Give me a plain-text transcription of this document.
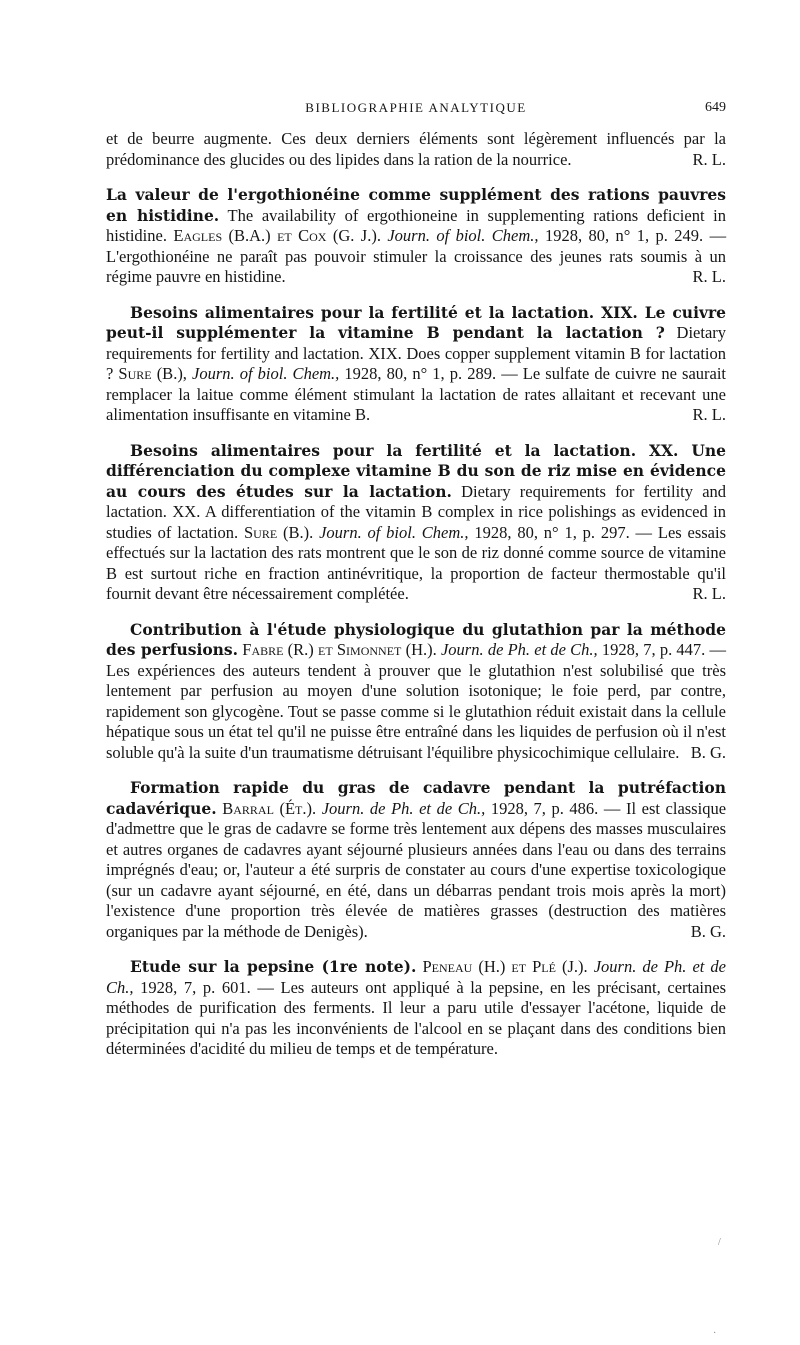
BIBLIOGRAPHIE ANALYTIQUE	649
et de beurre augmente. Ces deux derniers éléments sont légèrement influencés par la prédominance des glucides ou des lipides dans la ration de la nourrice.	R. L.
La valeur de l'ergothionéine comme supplément des rations pauvres en histidine. The availability of ergothioneine in supplementing rations deficient in histidine. Eagles (B.A.) et Cox (G. J.). Journ. of biol. Chem., 1928, 80, n° 1, p. 249. — L'ergothionéine ne paraît pas pouvoir stimuler la croissance des jeunes rats soumis à un régime pauvre en histidine.	R. L.
Besoins alimentaires pour la fertilité et la lactation. XIX. Le cuivre peut-il supplémenter la vitamine B pendant la lactation ? Dietary requirements for fertility and lactation. XIX. Does copper supplement vitamin B for lactation ? Sure (B.), Journ. of biol. Chem., 1928, 80, n° 1, p. 289. — Le sulfate de cuivre ne saurait remplacer la laitue comme élément stimulant la lactation de rates allaitant et recevant une alimentation insuffisante en vitamine B.	R. L.
Besoins alimentaires pour la fertilité et la lactation. XX. Une différenciation du complexe vitamine B du son de riz mise en évidence au cours des études sur la lactation. Dietary requirements for fertility and lactation. XX. A differentiation of the vitamin B complex in rice polishings as evidenced in studies of lactation. Sure (B.). Journ. of biol. Chem., 1928, 80, n° 1, p. 297. — Les essais effectués sur la lactation des rats montrent que le son de riz donné comme source de vitamine B est surtout riche en fraction antinévritique, la proportion de facteur thermostable qu'il fournit devant être nécessairement complétée.	R. L.
Contribution à l'étude physiologique du glutathion par la méthode des perfusions. Fabre (R.) et Simonnet (H.). Journ. de Ph. et de Ch., 1928, 7, p. 447. — Les expériences des auteurs tendent à prouver que le glutathion n'est solubilisé que très lentement par perfusion au moyen d'une solution isotonique; le foie perd, par contre, rapidement son glycogène. Tout se passe comme si le glutathion réduit existait dans la cellule hépatique sous un état tel qu'il ne puisse être entraîné dans les liquides de perfusion où il n'est soluble qu'à la suite d'un traumatisme détruisant l'équilibre physicochimique cellulaire. B. G.
Formation rapide du gras de cadavre pendant la putréfaction cadavérique. Barral (Ét.). Journ. de Ph. et de Ch., 1928, 7, p. 486. — Il est classique d'admettre que le gras de cadavre se forme très lentement aux dépens des masses musculaires et autres organes de cadavres ayant séjourné plusieurs années dans l'eau ou dans des terrains imprégnés d'eau; or, l'auteur a été surpris de constater au cours d'une expertise toxicologique (sur un cadavre ayant séjourné, en été, dans un débarras pendant trois mois après la mort) l'existence d'une proportion très élevée de matières grasses (destruction des matières organiques par la méthode de Denigès).	B. G.
Etude sur la pepsine (1re note). Peneau (H.) et Plé (J.). Journ. de Ph. et de Ch., 1928, 7, p. 601. — Les auteurs ont appliqué à la pepsine, en les précisant, certaines méthodes de purification des ferments. Il leur a paru utile d'essayer l'acétone, liquide de précipitation qui n'a pas les inconvénients de l'alcool en se plaçant dans des conditions bien déterminées d'acidité du milieu de temps et de température.
/
·
